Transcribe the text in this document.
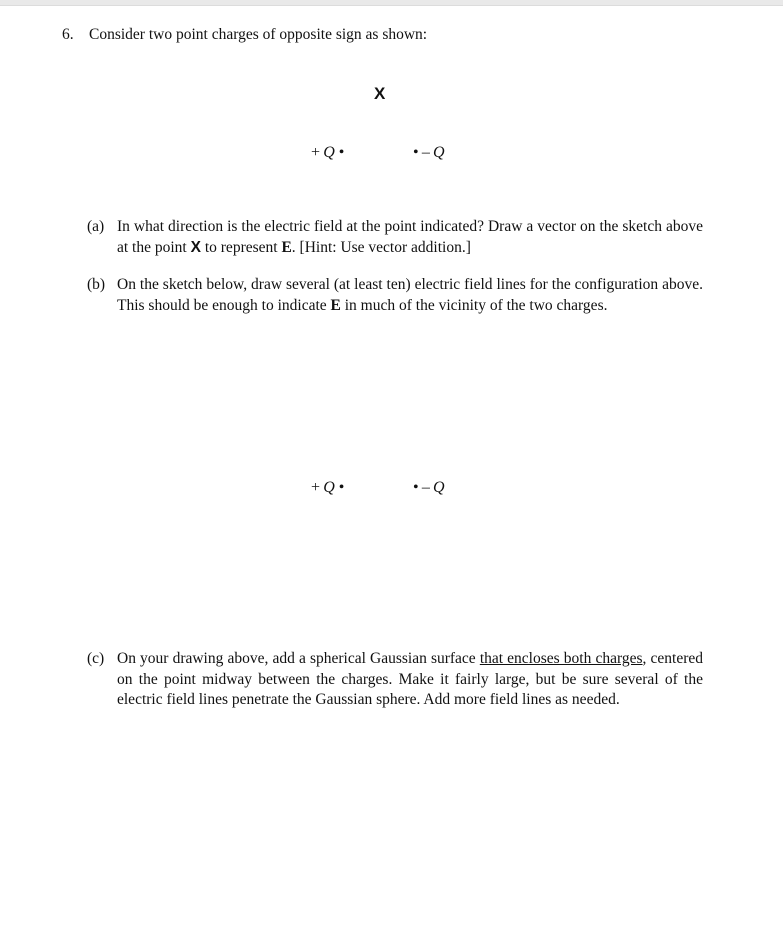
6. Consider two point charges of opposite sign as shown:
X
+  Q •	•  –  Q
(a) In what direction is the electric field at the point indicated? Draw a vector on the sketch above at the point X to represent E. [Hint: Use vector addition.]
(b) On the sketch below, draw several (at least ten) electric field lines for the configuration above. This should be enough to indicate E in much of the vicinity of the two charges.
+  Q •	•  –  Q
(c) On your drawing above, add a spherical Gaussian surface that encloses both charges, centered on the point midway between the charges. Make it fairly large, but be sure several of the electric field lines penetrate the Gaussian sphere. Add more field lines as needed.
